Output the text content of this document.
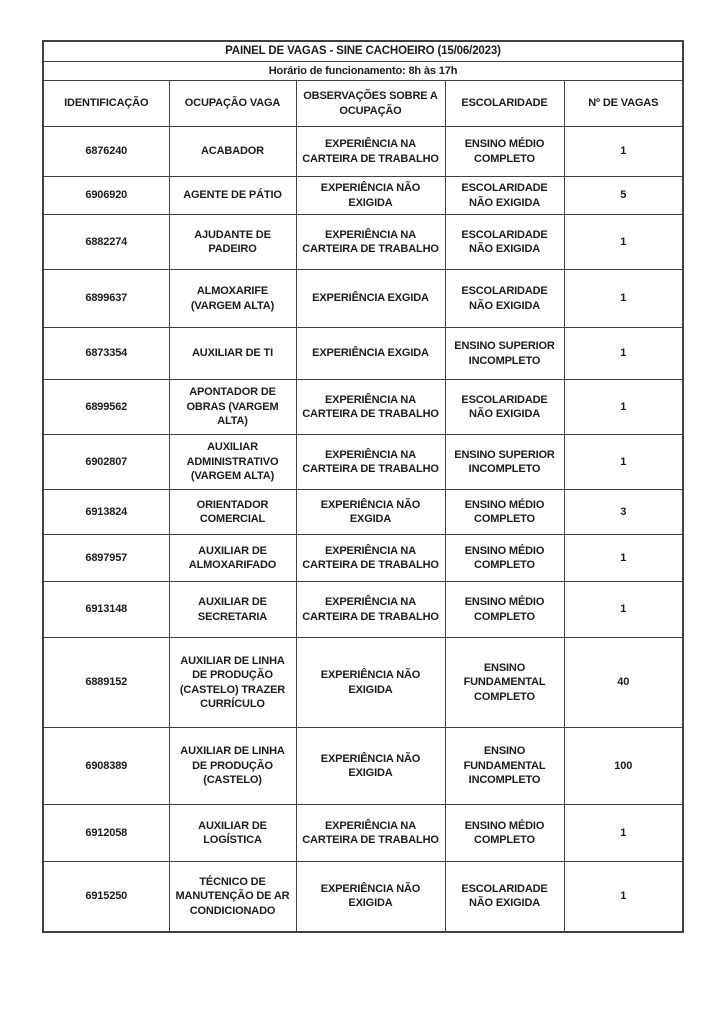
PAINEL DE VAGAS - SINE CACHOEIRO (15/06/2023)				
Horário de funcionamento: 8h às 17h				
IDENTIFICAÇÃO	OCUPAÇÃO VAGA	OBSERVAÇÕES SOBRE A OCUPAÇÃO	ESCOLARIDADE	Nº DE VAGAS
6876240	ACABADOR	EXPERIÊNCIA NA CARTEIRA DE TRABALHO	ENSINO MÉDIO COMPLETO	1
6906920	AGENTE DE PÁTIO	EXPERIÊNCIA NÃO EXIGIDA	ESCOLARIDADE NÃO EXIGIDA	5
6882274	AJUDANTE DE PADEIRO	EXPERIÊNCIA NA CARTEIRA DE TRABALHO	ESCOLARIDADE NÃO EXIGIDA	1
6899637	ALMOXARIFE (VARGEM ALTA)	EXPERIÊNCIA EXGIDA	ESCOLARIDADE NÃO EXIGIDA	1
6873354	AUXILIAR DE TI	EXPERIÊNCIA EXGIDA	ENSINO SUPERIOR INCOMPLETO	1
6899562	APONTADOR DE OBRAS (VARGEM ALTA)	EXPERIÊNCIA NA CARTEIRA DE TRABALHO	ESCOLARIDADE NÃO EXIGIDA	1
6902807	AUXILIAR ADMINISTRATIVO (VARGEM ALTA)	EXPERIÊNCIA NA CARTEIRA DE TRABALHO	ENSINO SUPERIOR INCOMPLETO	1
6913824	ORIENTADOR COMERCIAL	EXPERIÊNCIA NÃO EXGIDA	ENSINO MÉDIO COMPLETO	3
6897957	AUXILIAR DE ALMOXARIFADO	EXPERIÊNCIA NA CARTEIRA DE TRABALHO	ENSINO MÉDIO COMPLETO	1
6913148	AUXILIAR DE SECRETARIA	EXPERIÊNCIA NA CARTEIRA DE TRABALHO	ENSINO MÉDIO COMPLETO	1
6889152	AUXILIAR DE LINHA DE PRODUÇÃO (CASTELO) TRAZER CURRÍCULO	EXPERIÊNCIA NÃO EXIGIDA	ENSINO FUNDAMENTAL COMPLETO	40
6908389	AUXILIAR DE LINHA DE PRODUÇÃO (CASTELO)	EXPERIÊNCIA NÃO EXIGIDA	ENSINO FUNDAMENTAL INCOMPLETO	100
6912058	AUXILIAR DE LOGÍSTICA	EXPERIÊNCIA NA CARTEIRA DE TRABALHO	ENSINO MÉDIO COMPLETO	1
6915250	TÉCNICO DE MANUTENÇÃO DE AR CONDICIONADO	EXPERIÊNCIA NÃO EXIGIDA	ESCOLARIDADE NÃO EXIGIDA	1
